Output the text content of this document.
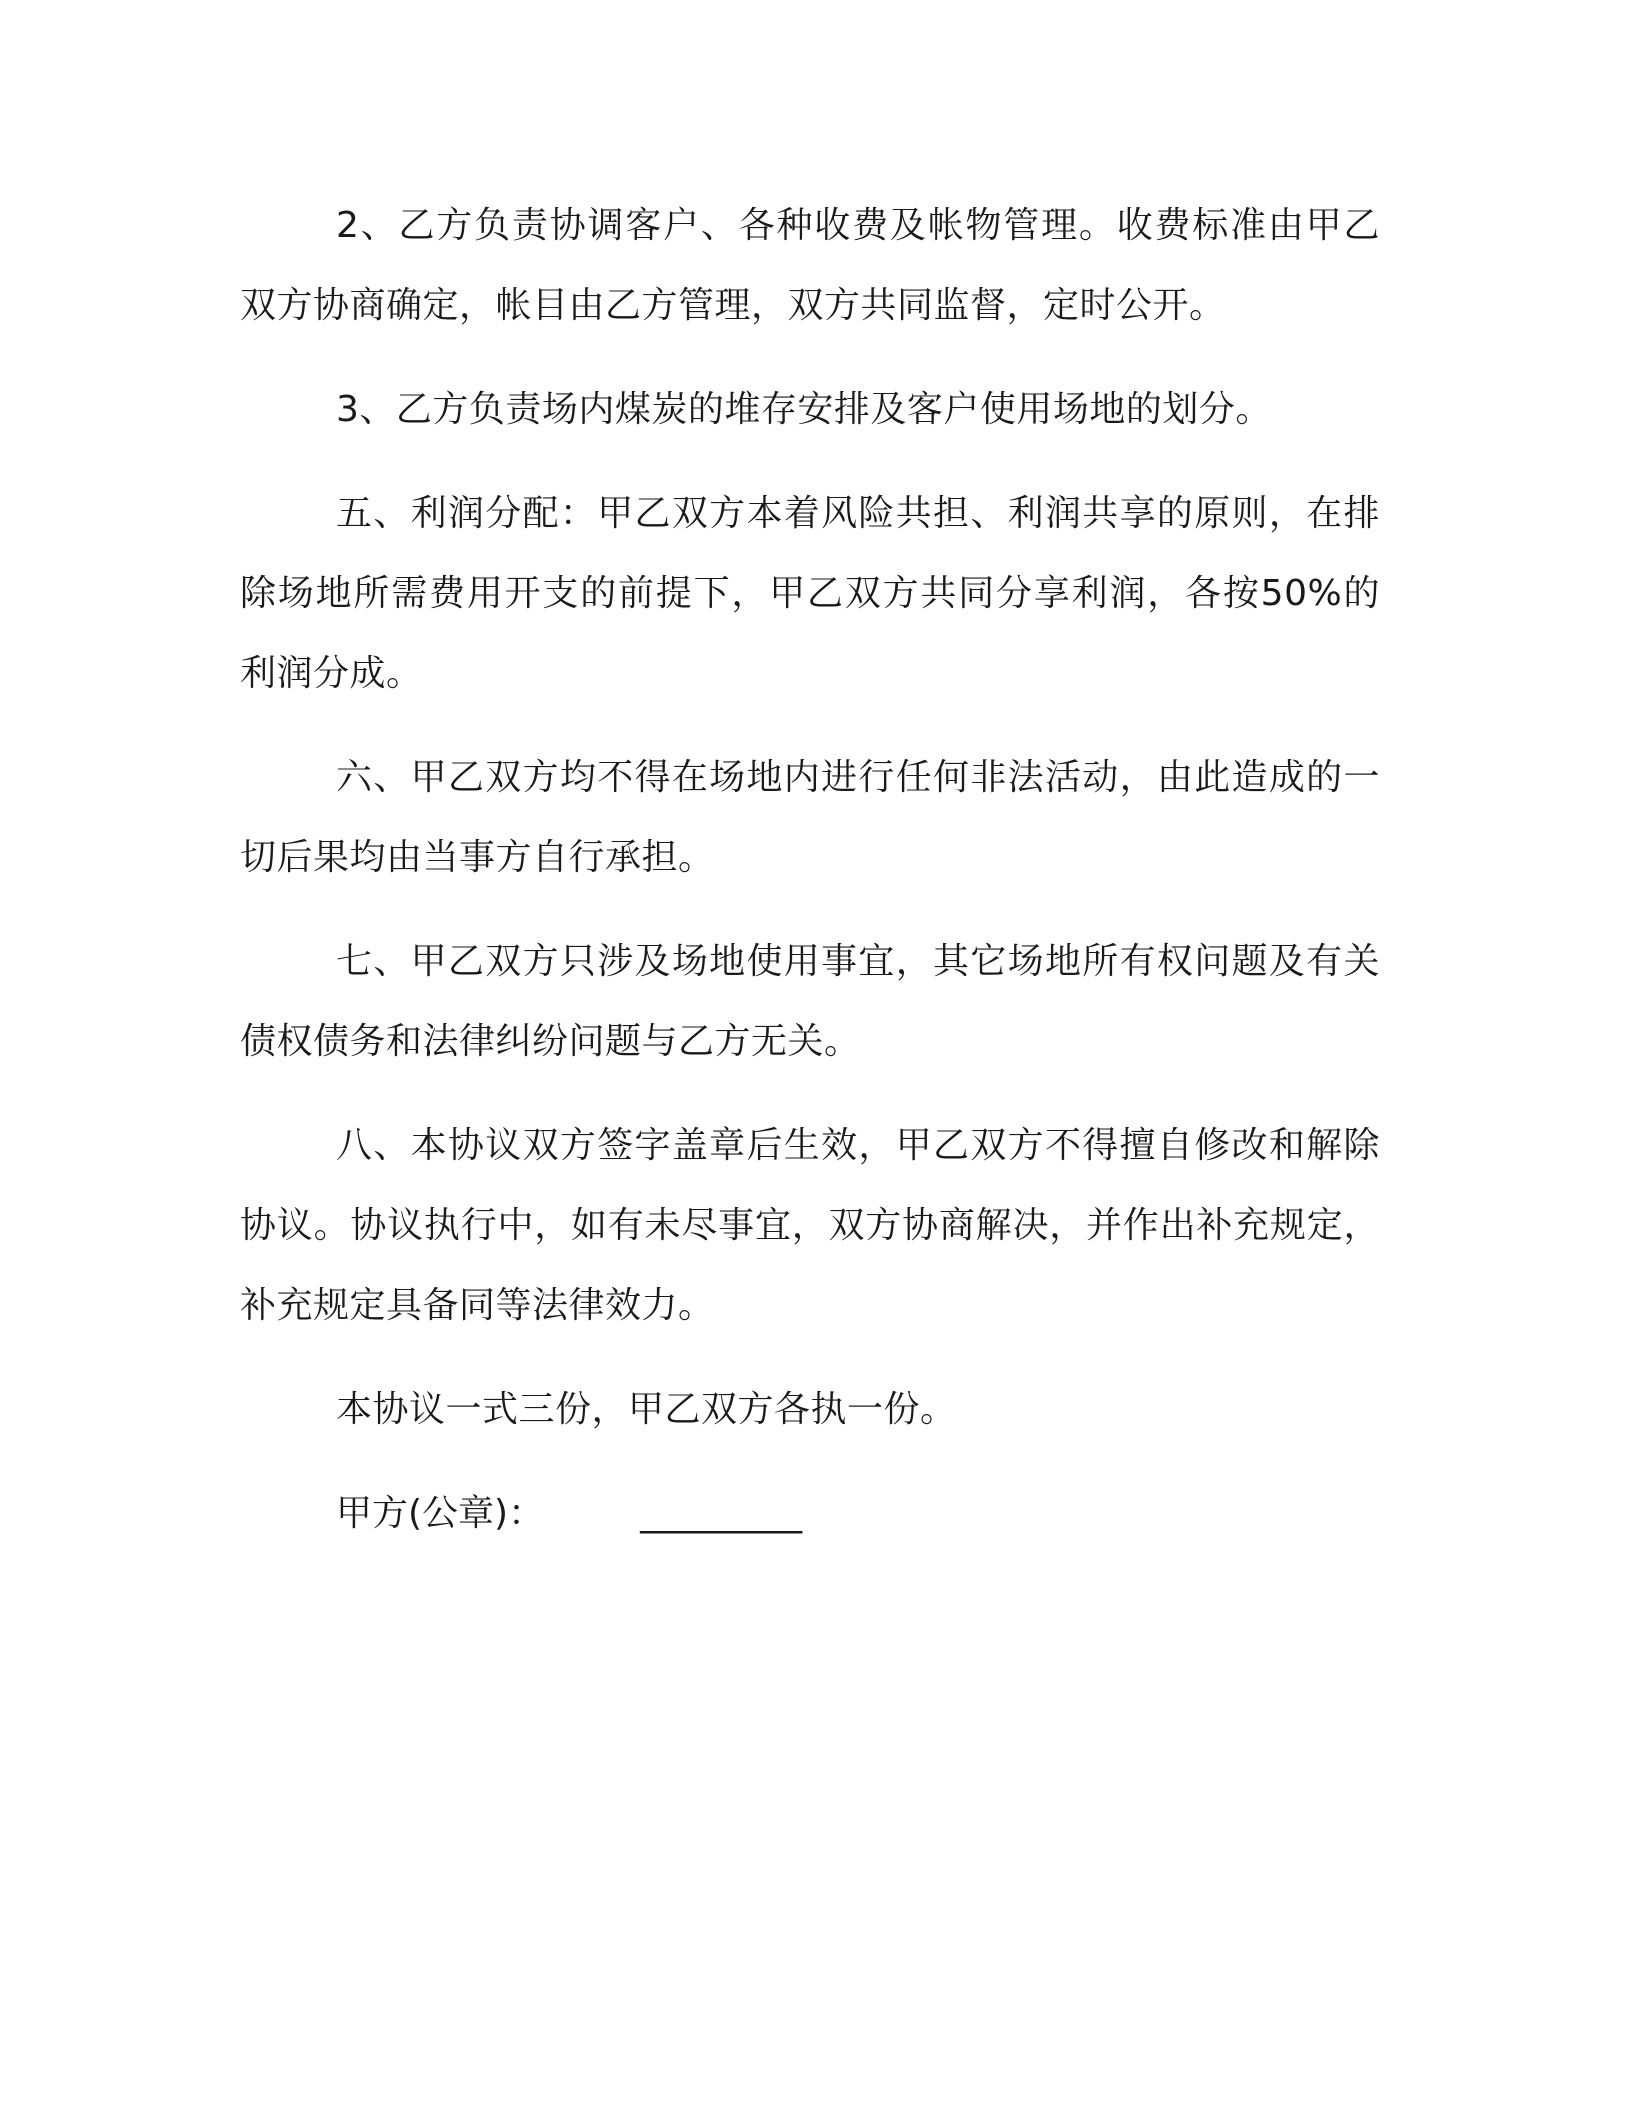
2、乙方负责协调客户、各种收费及帐物管理。收费标准由甲乙双方协商确定，帐目由乙方管理，双方共同监督，定时公开。

3、乙方负责场内煤炭的堆存安排及客户使用场地的划分。

五、利润分配：甲乙双方本着风险共担、利润共享的原则，在排除场地所需费用开支的前提下，甲乙双方共同分享利润，各按50%的利润分成。

六、甲乙双方均不得在场地内进行任何非法活动，由此造成的一切后果均由当事方自行承担。

七、甲乙双方只涉及场地使用事宜，其它场地所有权问题及有关债权债务和法律纠纷问题与乙方无关。

八、本协议双方签字盖章后生效，甲乙双方不得擅自修改和解除协议。协议执行中，如有未尽事宜，双方协商解决，并作出补充规定，补充规定具备同等法律效力。

本协议一式三份，甲乙双方各执一份。

甲方(公章)：	_________
